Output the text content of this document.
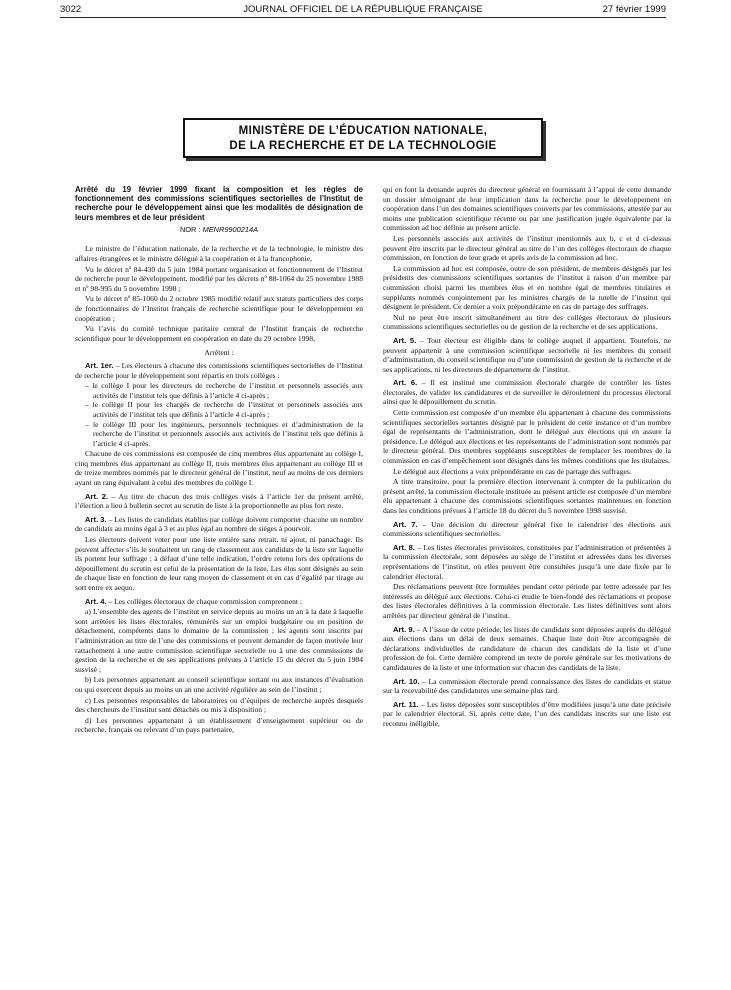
3022	JOURNAL OFFICIEL DE LA RÉPUBLIQUE FRANÇAISE	27 février 1999
MINISTÈRE DE L’ÉDUCATION NATIONALE,
DE LA RECHERCHE ET DE LA TECHNOLOGIE

Arrêté du 19 février 1999 fixant la composition et les règles de fonctionnement des commissions scientifiques sectorielles de l’Institut de recherche pour le développement ainsi que les modalités de désignation de leurs membres et de leur président

NOR : MENR9900214A

Le ministre de l’éducation nationale, de la recherche et de la technologie, le ministre des affaires étrangères et le ministre délégué à la coopération et à la francophonie,

Vu le décret nº 84-430 du 5 juin 1984 portant organisation et fonctionnement de l’Institut de recherche pour le développement, modifié par les décrets nº 88-1064 du 25 novembre 1988 et nº 98-995 du 5 novembre 1998 ;

Vu le décret nº 85-1060 du 2 octobre 1985 modifié relatif aux statuts particuliers des corps de fonctionnaires de l’Institut français de recherche scientifique pour le développement en coopération ;

Vu l’avis du comité technique paritaire central de l’Institut français de recherche scientifique pour le développement en coopération en date du 29 octobre 1998,

Arrêtent :

Art. 1er. – Les électeurs à chacune des commissions scientifiques sectorielles de l’Institut de recherche pour le développement sont répartis en trois collèges :

– le collège I pour les directeurs de recherche de l’institut et personnels associés aux activités de l’institut tels que définis à l’article 4 ci-après ;
– le collège II pour les chargés de recherche de l’institut et personnels associés aux activités de l’institut tels que définis à l’article 4 ci-après ;
– le collège III pour les ingénieurs, personnels techniques et d’administration de la recherche de l’institut et personnels associés aux activités de l’institut tels que définis à l’article 4 ci-après.

Chacune de ces commissions est composée de cinq membres élus appartenant au collège I, cinq membres élus appartenant au collège II, trois membres élus appartenant au collège III et de treize membres nommés par le directeur général de l’institut, neuf au moins de ces derniers ayant un rang équivalant à celui des membres du collège I.

Art. 2. – Au titre de chacun des trois collèges visés à l’article 1er du présent arrêté, l’élection a lieu à bulletin secret au scrutin de liste à la proportionnelle au plus fort reste.

Art. 3. – Les listes de candidats établies par collège doivent comporter chacune un nombre de candidats au moins égal à 3 et au plus égal au nombre de sièges à pourvoir.

Les électeurs doivent voter pour une liste entière sans retrait, ni ajout, ni panachage. Ils peuvent affecter s’ils le souhaitent un rang de classement aux candidats de la liste sur laquelle ils portent leur suffrage ; à défaut d’une telle indication, l’ordre retenu lors des opérations de dépouillement du scrutin est celui de la présentation de la liste. Les élus sont désignés au sein de chaque liste en fonction de leur rang moyen de classement et en cas d’égalité par tirage au sort entre ex aequo.

Art. 4. – Les collèges électoraux de chaque commission comprennent :

a) L’ensemble des agents de l’institut en service depuis au moins un an à la date à laquelle sont arrêtées les listes électorales, rémunérés sur un emploi budgétaire ou en position de détachement, compétents dans le domaine de la commission ; les agents sont inscrits par l’administration au titre de l’une des commissions et peuvent demander de façon motivée leur rattachement à une autre commission scientifique sectorielle ou à une des commissions de gestion de la recherche et de ses applications prévues à l’article 15 du décret du 5 juin 1984 susvisé ;

b) Les personnes appartenant au conseil scientifique sortant ou aux instances d’évaluation ou qui exercent depuis au moins un an une activité régulière au sein de l’institut ;

c) Les personnes responsables de laboratoires ou d’équipes de recherche auprès desquels des chercheurs de l’institut sont détachés ou mis à disposition ;

d) Les personnes appartenant à un établissement d’enseignement supérieur ou de recherche, français ou relevant d’un pays partenaire,

qui en font la demande auprès du directeur général en fournissant à l’appui de cette demande un dossier témoignant de leur implication dans la recherche pour le développement en coopération dans l’un des domaines scientifiques couverts par les commissions, attestée par au moins une publication scientifique récente ou par une justification jugée équivalente par la commission ad hoc définie au présent article.

Les personnels associés aux activités de l’institut mentionnés aux b, c et d ci-dessus peuvent être inscrits par le directeur général au titre de l’un des collèges électoraux de chaque commission, en fonction de leur grade et après avis de la commission ad hoc.

La commission ad hoc est composée, outre de son président, de membres désignés par les présidents des commissions scientifiques sortantes de l’institut à raison d’un membre par commission choisi parmi les membres élus et en nombre égal de membres titulaires et suppléants nommés conjointement par les ministres chargés de la tutelle de l’institut qui désignent le président. Ce dernier a voix prépondérante en cas de partage des suffrages.

Nul ne peut être inscrit simultanément au titre des collèges électoraux de plusieurs commissions scientifiques sectorielles ou de gestion de la recherche et de ses applications.

Art. 5. – Tout électeur est éligible dans le collège auquel il appartient. Toutefois, ne peuvent appartenir à une commission scientifique sectorielle ni les membres du conseil d’administration, du conseil scientifique ou d’une commission de gestion de la recherche et de ses applications, ni les directeurs de département de l’institut.

Art. 6. – Il est institué une commission électorale chargée de contrôler les listes électorales, de valider les candidatures et de surveiller le déroulement du processus électoral ainsi que le dépouillement du scrutin.

Cette commission est composée d’un membre élu appartenant à chacune des commissions scientifiques sectorielles sortantes désigné par le président de cette instance et d’un nombre égal de représentants de l’administration, dont le délégué aux élections qui en assure la présidence. Le délégué aux élections et les représentants de l’administration sont nommés par le directeur général. Des membres suppléants susceptibles de remplacer les membres de la commission en cas d’empêchement sont désignés dans les mêmes conditions que les titulaires.

Le délégué aux élections a voix prépondérante en cas de partage des suffrages.

A titre transitoire, pour la première élection intervenant à compter de la publication du présent arrêté, la commission électorale instituée au présent article est composée d’un membre élu appartenant à chacune des commissions scientifiques sortantes maintenues en fonction dans les conditions prévues à l’article 18 du décret du 5 novembre 1998 susvisé.

Art. 7. – Une décision du directeur général fixe le calendrier des élections aux commissions scientifiques sectorielles.

Art. 8. – Les listes électorales provisoires, constituées par l’administration et présentées à la commission électorale, sont déposées au siège de l’institut et adressées dans les diverses représentations de l’institut, où elles peuvent être consultées jusqu’à une date fixée par le calendrier électoral.

Des réclamations peuvent être formulées pendant cette période par lettre adressée par les intéressés au délégué aux élections. Celui-ci étudie le bien-fondé des réclamations et propose des listes électorales définitives à la commission électorale. Les listes définitives sont alors arrêtées par directeur général de l’institut.

Art. 9. – A l’issue de cette période, les listes de candidats sont déposées auprès du délégué aux élections dans un délai de deux semaines. Chaque liste doit être accompagnée de déclarations individuelles de candidature de chacun des candidats de la liste et d’une profession de foi. Cette dernière comprend un texte de portée générale sur les motivations de candidatures de la liste et une information sur chacun des candidats de la liste.

Art. 10. – La commission électorale prend connaissance des listes de candidats et statue sur la recevabilité des candidatures une semaine plus tard.

Art. 11. – Les listes déposées sont susceptibles d’être modifiées jusqu’à une date précisée par le calendrier électoral. Si, après cette date, l’un des candidats inscrits sur une liste est reconnu inéligible,
